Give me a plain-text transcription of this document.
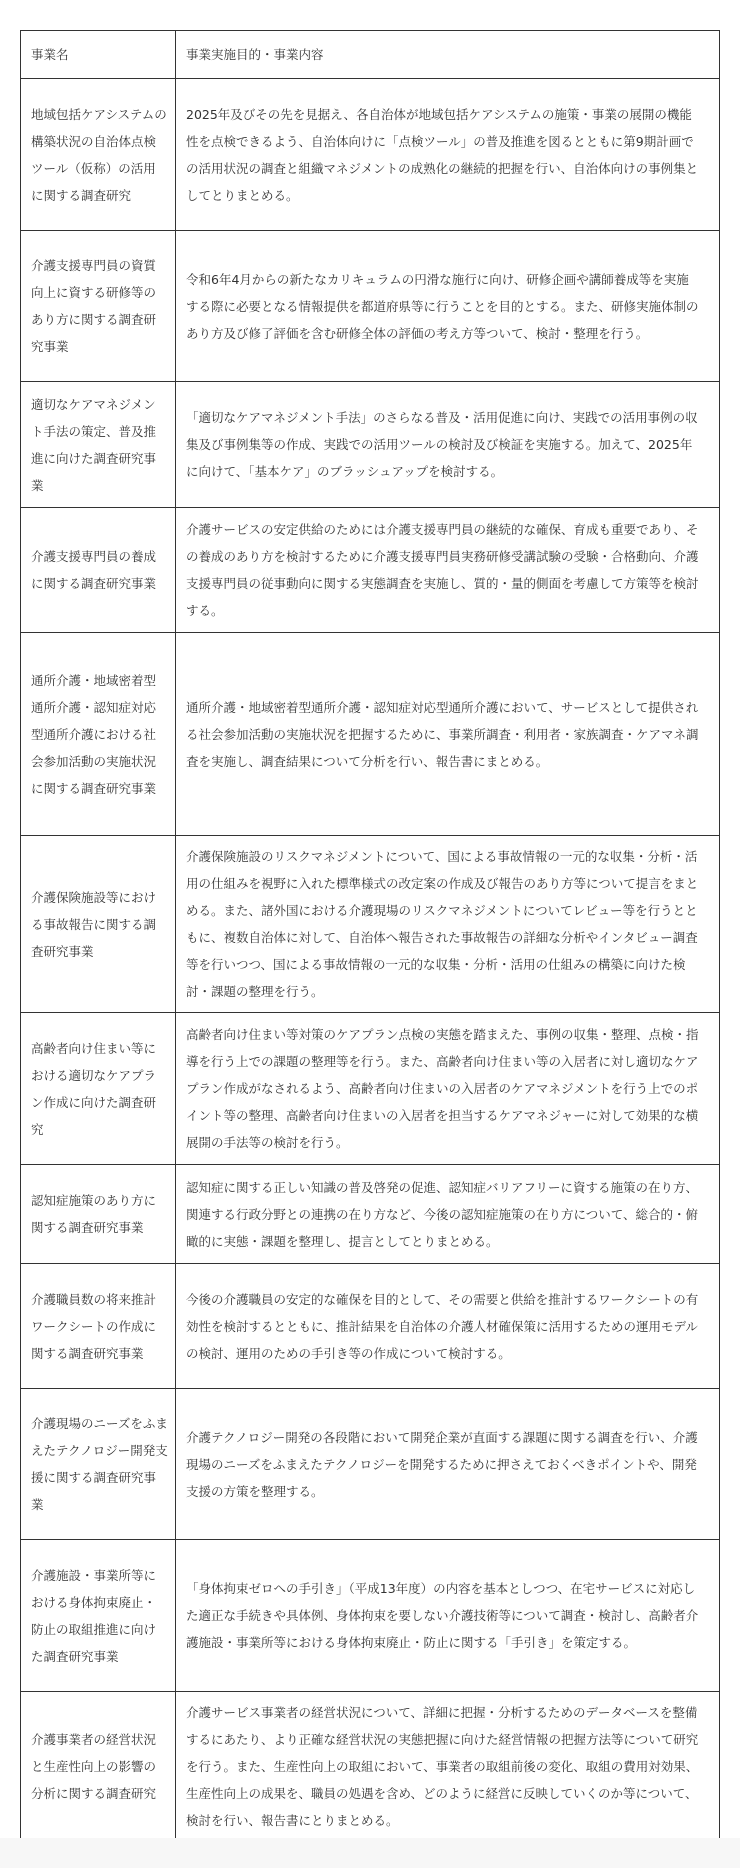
事業名	事業実施目的・事業内容
地域包括ケアシステムの構築状況の自治体点検ツール（仮称）の活用に関する調査研究	2025年及びその先を見据え、各自治体が地域包括ケアシステムの施策・事業の展開の機能性を点検できるよう、自治体向けに「点検ツール」の普及推進を図るとともに第9期計画での活用状況の調査と組織マネジメントの成熟化の継続的把握を行い、自治体向けの事例集としてとりまとめる。
介護支援専門員の資質向上に資する研修等のあり方に関する調査研究事業	令和6年4月からの新たなカリキュラムの円滑な施行に向け、研修企画や講師養成等を実施する際に必要となる情報提供を都道府県等に行うことを目的とする。また、研修実施体制のあり方及び修了評価を含む研修全体の評価の考え方等ついて、検討・整理を行う。
適切なケアマネジメント手法の策定、普及推進に向けた調査研究事業	「適切なケアマネジメント手法」のさらなる普及・活用促進に向け、実践での活用事例の収集及び事例集等の作成、実践での活用ツールの検討及び検証を実施する。加えて、2025年に向けて、「基本ケア」のブラッシュアップを検討する。
介護支援専門員の養成に関する調査研究事業	介護サービスの安定供給のためには介護支援専門員の継続的な確保、育成も重要であり、その養成のあり方を検討するために介護支援専門員実務研修受講試験の受験・合格動向、介護支援専門員の従事動向に関する実態調査を実施し、質的・量的側面を考慮して方策等を検討する。
通所介護・地域密着型通所介護・認知症対応型通所介護における社会参加活動の実施状況に関する調査研究事業	通所介護・地域密着型通所介護・認知症対応型通所介護において、サービスとして提供される社会参加活動の実施状況を把握するために、事業所調査・利用者・家族調査・ケアマネ調査を実施し、調査結果について分析を行い、報告書にまとめる。
介護保険施設等における事故報告に関する調査研究事業	介護保険施設のリスクマネジメントについて、国による事故情報の一元的な収集・分析・活用の仕組みを視野に入れた標準様式の改定案の作成及び報告のあり方等について提言をまとめる。また、諸外国における介護現場のリスクマネジメントについてレビュー等を行うとともに、複数自治体に対して、自治体へ報告された事故報告の詳細な分析やインタビュー調査等を行いつつ、国による事故情報の一元的な収集・分析・活用の仕組みの構築に向けた検討・課題の整理を行う。
高齢者向け住まい等における適切なケアプラン作成に向けた調査研究	高齢者向け住まい等対策のケアプラン点検の実態を踏まえた、事例の収集・整理、点検・指導を行う上での課題の整理等を行う。また、高齢者向け住まい等の入居者に対し適切なケアプラン作成がなされるよう、高齢者向け住まいの入居者のケアマネジメントを行う上でのポイント等の整理、高齢者向け住まいの入居者を担当するケアマネジャーに対して効果的な横展開の手法等の検討を行う。
認知症施策のあり方に関する調査研究事業	認知症に関する正しい知識の普及啓発の促進、認知症バリアフリーに資する施策の在り方、関連する行政分野との連携の在り方など、今後の認知症施策の在り方について、総合的・俯瞰的に実態・課題を整理し、提言としてとりまとめる。
介護職員数の将来推計ワークシートの作成に関する調査研究事業	今後の介護職員の安定的な確保を目的として、その需要と供給を推計するワークシートの有効性を検討するとともに、推計結果を自治体の介護人材確保策に活用するための運用モデルの検討、運用のための手引き等の作成について検討する。
介護現場のニーズをふまえたテクノロジー開発支援に関する調査研究事業	介護テクノロジー開発の各段階において開発企業が直面する課題に関する調査を行い、介護現場のニーズをふまえたテクノロジーを開発するために押さえておくべきポイントや、開発支援の方策を整理する。
介護施設・事業所等における身体拘束廃止・防止の取組推進に向けた調査研究事業	「身体拘束ゼロへの手引き」（平成13年度）の内容を基本としつつ、在宅サービスに対応した適正な手続きや具体例、身体拘束を要しない介護技術等について調査・検討し、高齢者介護施設・事業所等における身体拘束廃止・防止に関する「手引き」を策定する。
介護事業者の経営状況と生産性向上の影響の分析に関する調査研究	介護サービス事業者の経営状況について、詳細に把握・分析するためのデータベースを整備するにあたり、より正確な経営状況の実態把握に向けた経営情報の把握方法等について研究を行う。また、生産性向上の取組において、事業者の取組前後の変化、取組の費用対効果、生産性向上の成果を、職員の処遇を含め、どのように経営に反映していくのか等について、検討を行い、報告書にとりまとめる。
